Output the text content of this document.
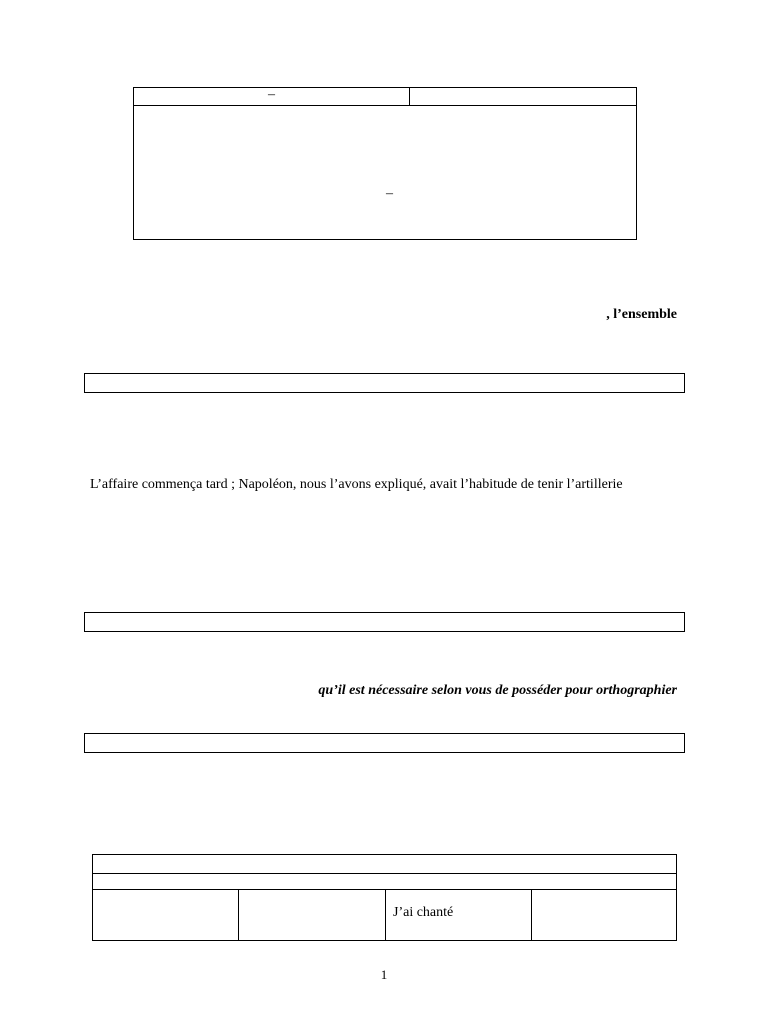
–
–
, l’ensemble
L’affaire commença tard ; Napoléon, nous l’avons expliqué, avait l’habitude de tenir l’artillerie
qu’il est nécessaire selon vous de posséder pour orthographier
J’ai chanté
1
